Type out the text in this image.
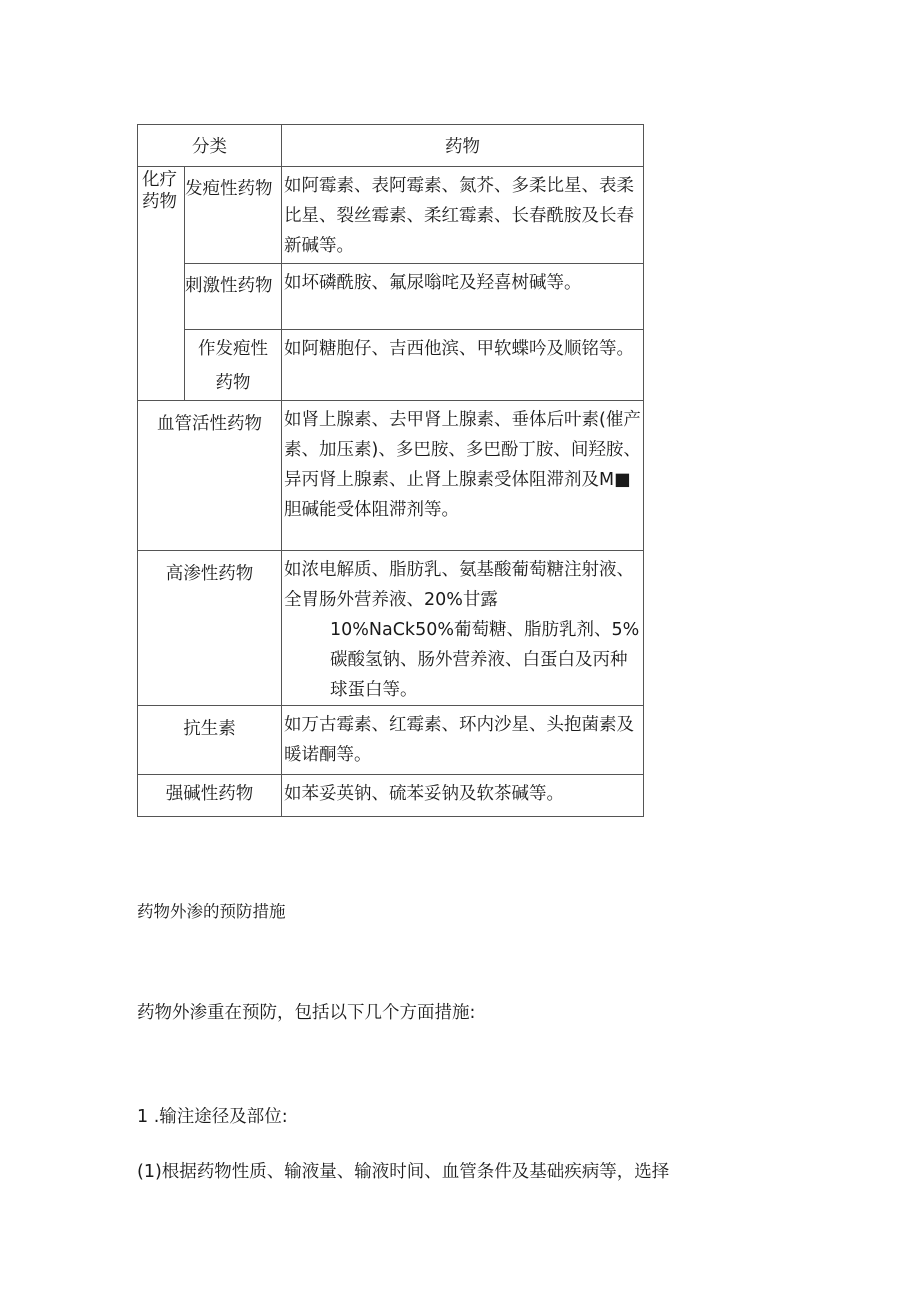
分类		药物
化疗药物	发疱性药物	如阿霉素、表阿霉素、氮芥、多柔比星、表柔比星、裂丝霉素、柔红霉素、长春酰胺及长春新碱等。
	刺激性药物	如坏磷酰胺、氟尿嗡咤及羟喜树碱等。
	作发疱性药物	如阿糖胞仔、吉西他滨、甲软蝶吟及顺铭等。
血管活性药物		如肾上腺素、去甲肾上腺素、垂体后叶素(催产素、加压素)、多巴胺、多巴酚丁胺、间羟胺、异丙肾上腺素、止肾上腺素受体阻滞剂及M■胆碱能受体阻滞剂等。
高渗性药物		如浓电解质、脂肪乳、氨基酸葡萄糖注射液、全胃肠外营养液、20%甘露
10%NaCk50%葡萄糖、脂肪乳剂、5%碳酸氢钠、肠外营养液、白蛋白及丙种球蛋白等。

抗生素		如万古霉素、红霉素、环内沙星、头抱菌素及暖诺酮等。
强碱性药物		如苯妥英钠、硫苯妥钠及软茶碱等。
药物外渗的预防措施
药物外渗重在预防，包括以下几个方面措施:
1 .输注途径及部位:
(1)根据药物性质、输液量、输液时间、血管条件及基础疾病等，选择
